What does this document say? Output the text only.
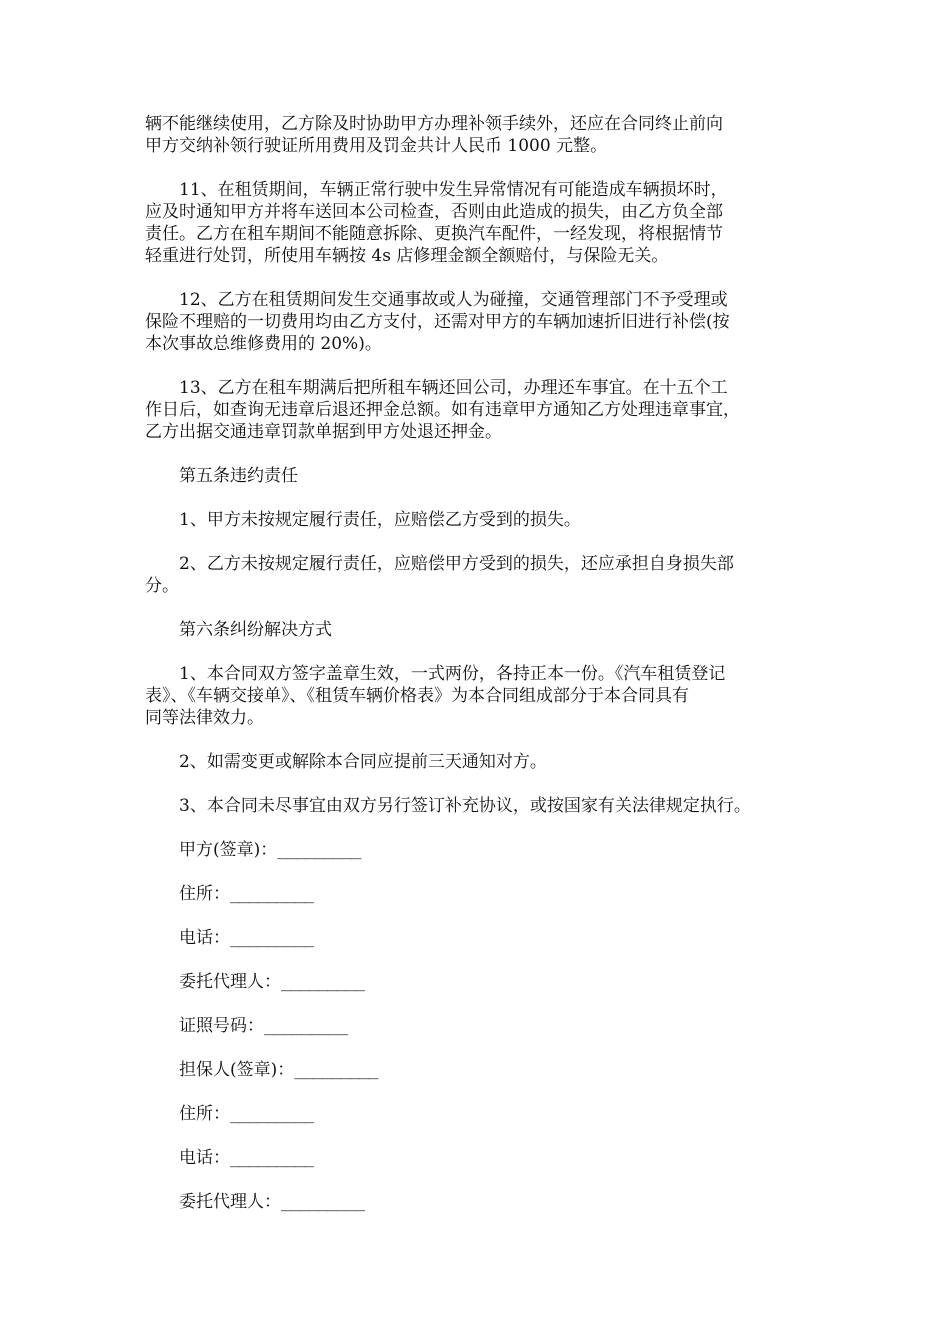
辆不能继续使用，乙方除及时协助甲方办理补领手续外，还应在合同终止前向
甲方交纳补领行驶证所用费用及罚金共计人民币 1000 元整。

11、在租赁期间，车辆正常行驶中发生异常情况有可能造成车辆损坏时，
应及时通知甲方并将车送回本公司检查，否则由此造成的损失，由乙方负全部
责任。乙方在租车期间不能随意拆除、更换汽车配件，一经发现，将根据情节
轻重进行处罚，所使用车辆按 4s 店修理金额全额赔付，与保险无关。

12、乙方在租赁期间发生交通事故或人为碰撞，交通管理部门不予受理或
保险不理赔的一切费用均由乙方支付，还需对甲方的车辆加速折旧进行补偿(按
本次事故总维修费用的 20%)。

13、乙方在租车期满后把所租车辆还回公司，办理还车事宜。在十五个工
作日后，如查询无违章后退还押金总额。如有违章甲方通知乙方处理违章事宜，
乙方出据交通违章罚款单据到甲方处退还押金。

第五条违约责任

1、甲方未按规定履行责任，应赔偿乙方受到的损失。

2、乙方未按规定履行责任，应赔偿甲方受到的损失，还应承担自身损失部
分。

第六条纠纷解决方式

1、本合同双方签字盖章生效，一式两份，各持正本一份。《汽车租赁登记
表》、《车辆交接单》、《租赁车辆价格表》为本合同组成部分于本合同具有
同等法律效力。

2、如需变更或解除本合同应提前三天通知对方。

3、本合同未尽事宜由双方另行签订补充协议，或按国家有关法律规定执行。

甲方(签章)：_________
住所：_________
电话：_________
委托代理人：_________
证照号码：_________
担保人(签章)：_________
住所：_________
电话：_________
委托代理人：_________
